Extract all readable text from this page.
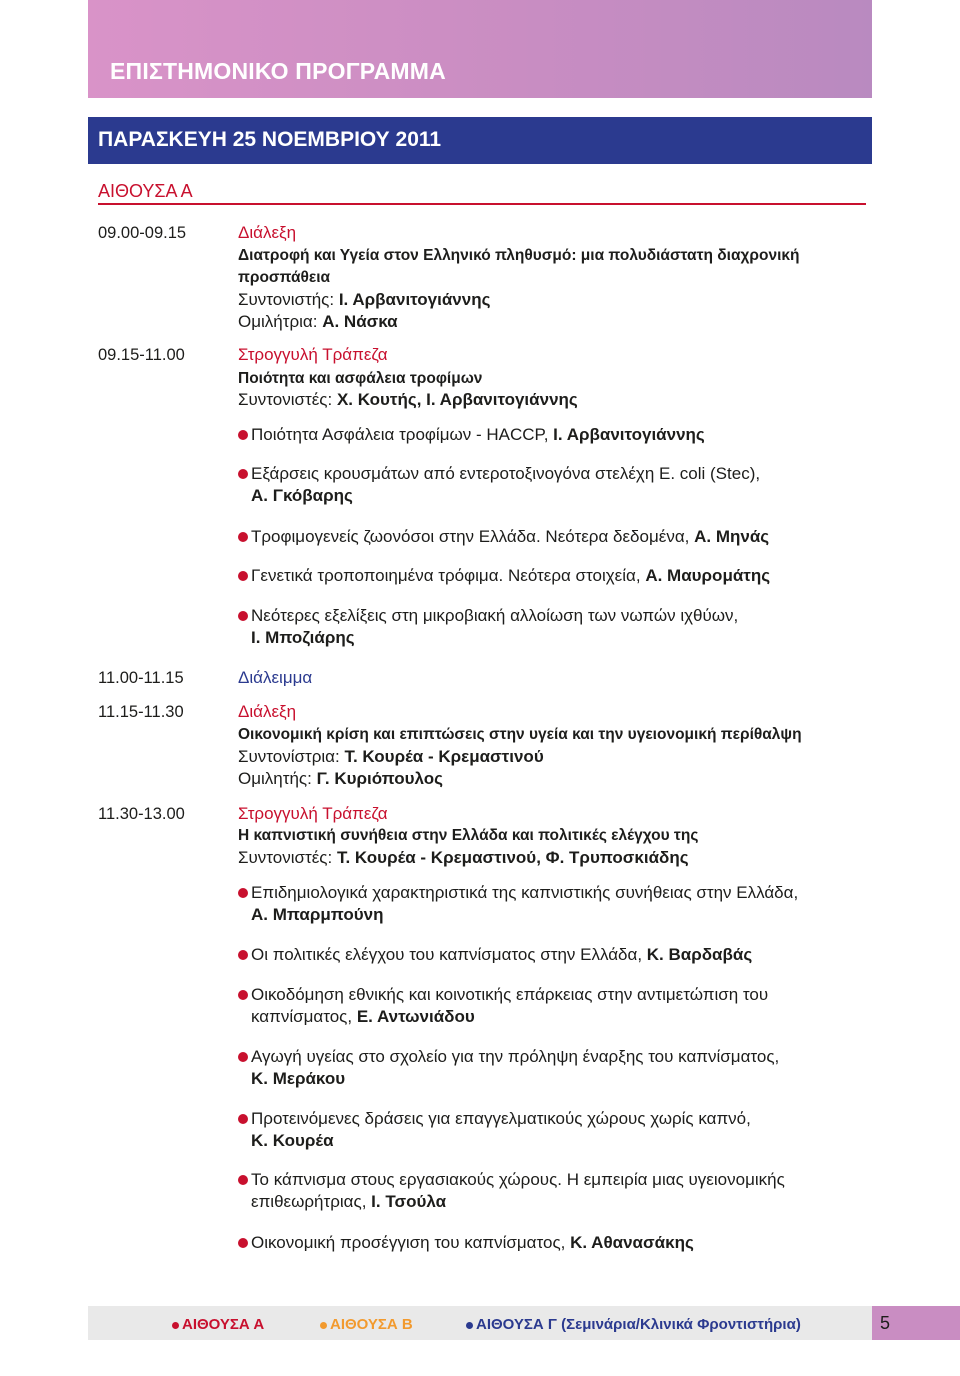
ΕΠΙΣΤΗΜΟΝΙΚΟ ΠΡΟΓΡΑΜΜΑ
ΠΑΡΑΣΚΕΥΗ 25 ΝΟΕΜΒΡΙΟΥ 2011
ΑΙΘΟΥΣΑ Α
09.00-09.15	Διάλεξη
Διατροφή και Υγεία στον Ελληνικό πληθυσμό: μια πολυδιάστατη διαχρονική
προσπάθεια
Συντονιστής: Ι. Αρβανιτογιάννης
Ομιλήτρια: Α. Νάσκα
09.15-11.00	Στρογγυλή Τράπεζα
Ποιότητα και ασφάλεια τροφίμων
Συντονιστές: Χ. Κουτής, Ι. Αρβανιτογιάννης
Ποιότητα Ασφάλεια τροφίμων - HACCP, Ι. Αρβανιτογιάννης
Εξάρσεις κρουσμάτων από εντεροτοξινογόνα στελέχη E. coli (Stec),
Α. Γκόβαρης
Τροφιμογενείς ζωονόσοι στην Ελλάδα. Νεότερα δεδομένα, Α. Μηνάς
Γενετικά τροποποιημένα τρόφιμα. Νεότερα στοιχεία, Α. Μαυρομάτης
Νεότερες εξελίξεις στη μικροβιακή αλλοίωση των νωπών ιχθύων,
Ι. Μποζιάρης
11.00-11.15	Διάλειμμα
11.15-11.30	Διάλεξη
Οικονομική κρίση και επιπτώσεις στην υγεία και την υγειονομική περίθαλψη
Συντονίστρια: Τ. Κουρέα - Κρεμαστινού
Ομιλητής: Γ. Κυριόπουλος
11.30-13.00	Στρογγυλή Τράπεζα
Η καπνιστική συνήθεια στην Ελλάδα και πολιτικές ελέγχου της
Συντονιστές: Τ. Κουρέα - Κρεμαστινού, Φ. Τρυποσκιάδης
Επιδημιολογικά χαρακτηριστικά της καπνιστικής συνήθειας στην Ελλάδα,
Α. Μπαρμπούνη
Οι πολιτικές ελέγχου του καπνίσματος στην Ελλάδα, Κ. Βαρδαβάς
Οικοδόμηση εθνικής και κοινοτικής επάρκειας στην αντιμετώπιση του
καπνίσματος, Ε. Αντωνιάδου
Αγωγή υγείας στο σχολείο για την πρόληψη έναρξης του καπνίσματος,
Κ. Μεράκου
Προτεινόμενες δράσεις για επαγγελματικούς χώρους χωρίς καπνό,
Κ. Κουρέα
Το κάπνισμα στους εργασιακούς χώρους. Η εμπειρία μιας υγειονομικής
επιθεωρήτριας, Ι. Τσούλα
Οικονομική προσέγγιση του καπνίσματος, Κ. Αθανασάκης
ΑΙΘΟΥΣΑ Α	ΑΙΘΟΥΣΑ Β	ΑΙΘΟΥΣΑ Γ (Σεμινάρια/Κλινικά Φροντιστήρια)	5
